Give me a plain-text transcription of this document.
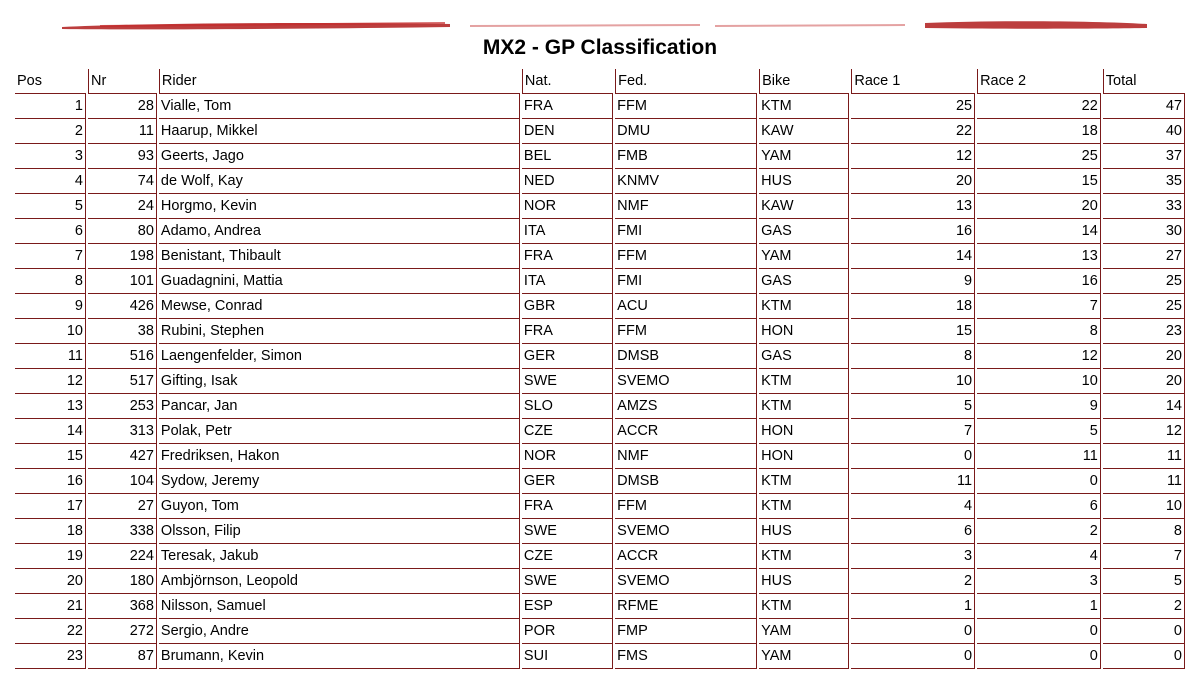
MX2 - GP Classification
Pos	Nr	Rider	Nat.	Fed.	Bike	Race 1	Race 2	Total
1	28	Vialle, Tom	FRA	FFM	KTM	25	22	47
2	11	Haarup, Mikkel	DEN	DMU	KAW	22	18	40
3	93	Geerts, Jago	BEL	FMB	YAM	12	25	37
4	74	de Wolf, Kay	NED	KNMV	HUS	20	15	35
5	24	Horgmo, Kevin	NOR	NMF	KAW	13	20	33
6	80	Adamo, Andrea	ITA	FMI	GAS	16	14	30
7	198	Benistant, Thibault	FRA	FFM	YAM	14	13	27
8	101	Guadagnini, Mattia	ITA	FMI	GAS	9	16	25
9	426	Mewse, Conrad	GBR	ACU	KTM	18	7	25
10	38	Rubini, Stephen	FRA	FFM	HON	15	8	23
11	516	Laengenfelder, Simon	GER	DMSB	GAS	8	12	20
12	517	Gifting, Isak	SWE	SVEMO	KTM	10	10	20
13	253	Pancar, Jan	SLO	AMZS	KTM	5	9	14
14	313	Polak, Petr	CZE	ACCR	HON	7	5	12
15	427	Fredriksen, Hakon	NOR	NMF	HON	0	11	11
16	104	Sydow, Jeremy	GER	DMSB	KTM	11	0	11
17	27	Guyon, Tom	FRA	FFM	KTM	4	6	10
18	338	Olsson, Filip	SWE	SVEMO	HUS	6	2	8
19	224	Teresak, Jakub	CZE	ACCR	KTM	3	4	7
20	180	Ambjörnson, Leopold	SWE	SVEMO	HUS	2	3	5
21	368	Nilsson, Samuel	ESP	RFME	KTM	1	1	2
22	272	Sergio, Andre	POR	FMP	YAM	0	0	0
23	87	Brumann, Kevin	SUI	FMS	YAM	0	0	0
